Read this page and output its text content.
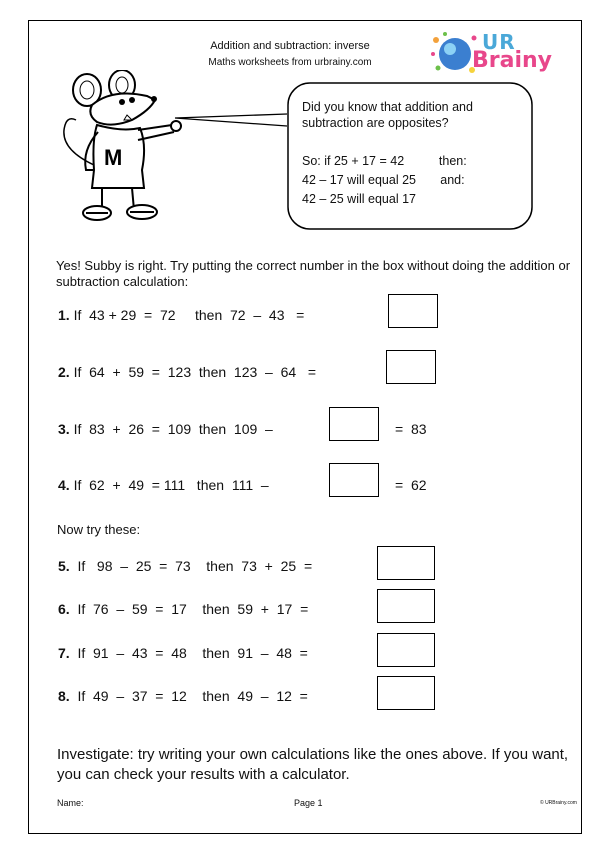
Addition and subtraction: inverse
Maths worksheets from urbrainy.com
UR
Brainy
M
Did you know that addition and
subtraction are opposites?
So: if 25 + 17 = 42          then:
42 – 17 will equal 25       and:
42 – 25 will equal 17
Yes! Subby is right. Try putting the correct number in the box without doing the addition or subtraction calculation:
1. If  43 + 29  =  72     then  72  –  43   =
2. If  64  +  59  =  123  then  123  –  64   =
3. If  83  +  26  =  109  then  109  –	=  83
4. If  62  +  49  = 111   then  111  –	=  62
Now try these:
5.  If   98  –  25  =  73    then  73  +  25  =
6.  If  76  –  59  =  17    then  59  +  17  =
7.  If  91  –  43  =  48    then  91  –  48  =
8.  If  49  –  37  =  12    then  49  –  12  =
Investigate: try writing your own calculations like the ones above. If you want, you can check your results with a calculator.
Name:	Page 1	© URBrainy.com
